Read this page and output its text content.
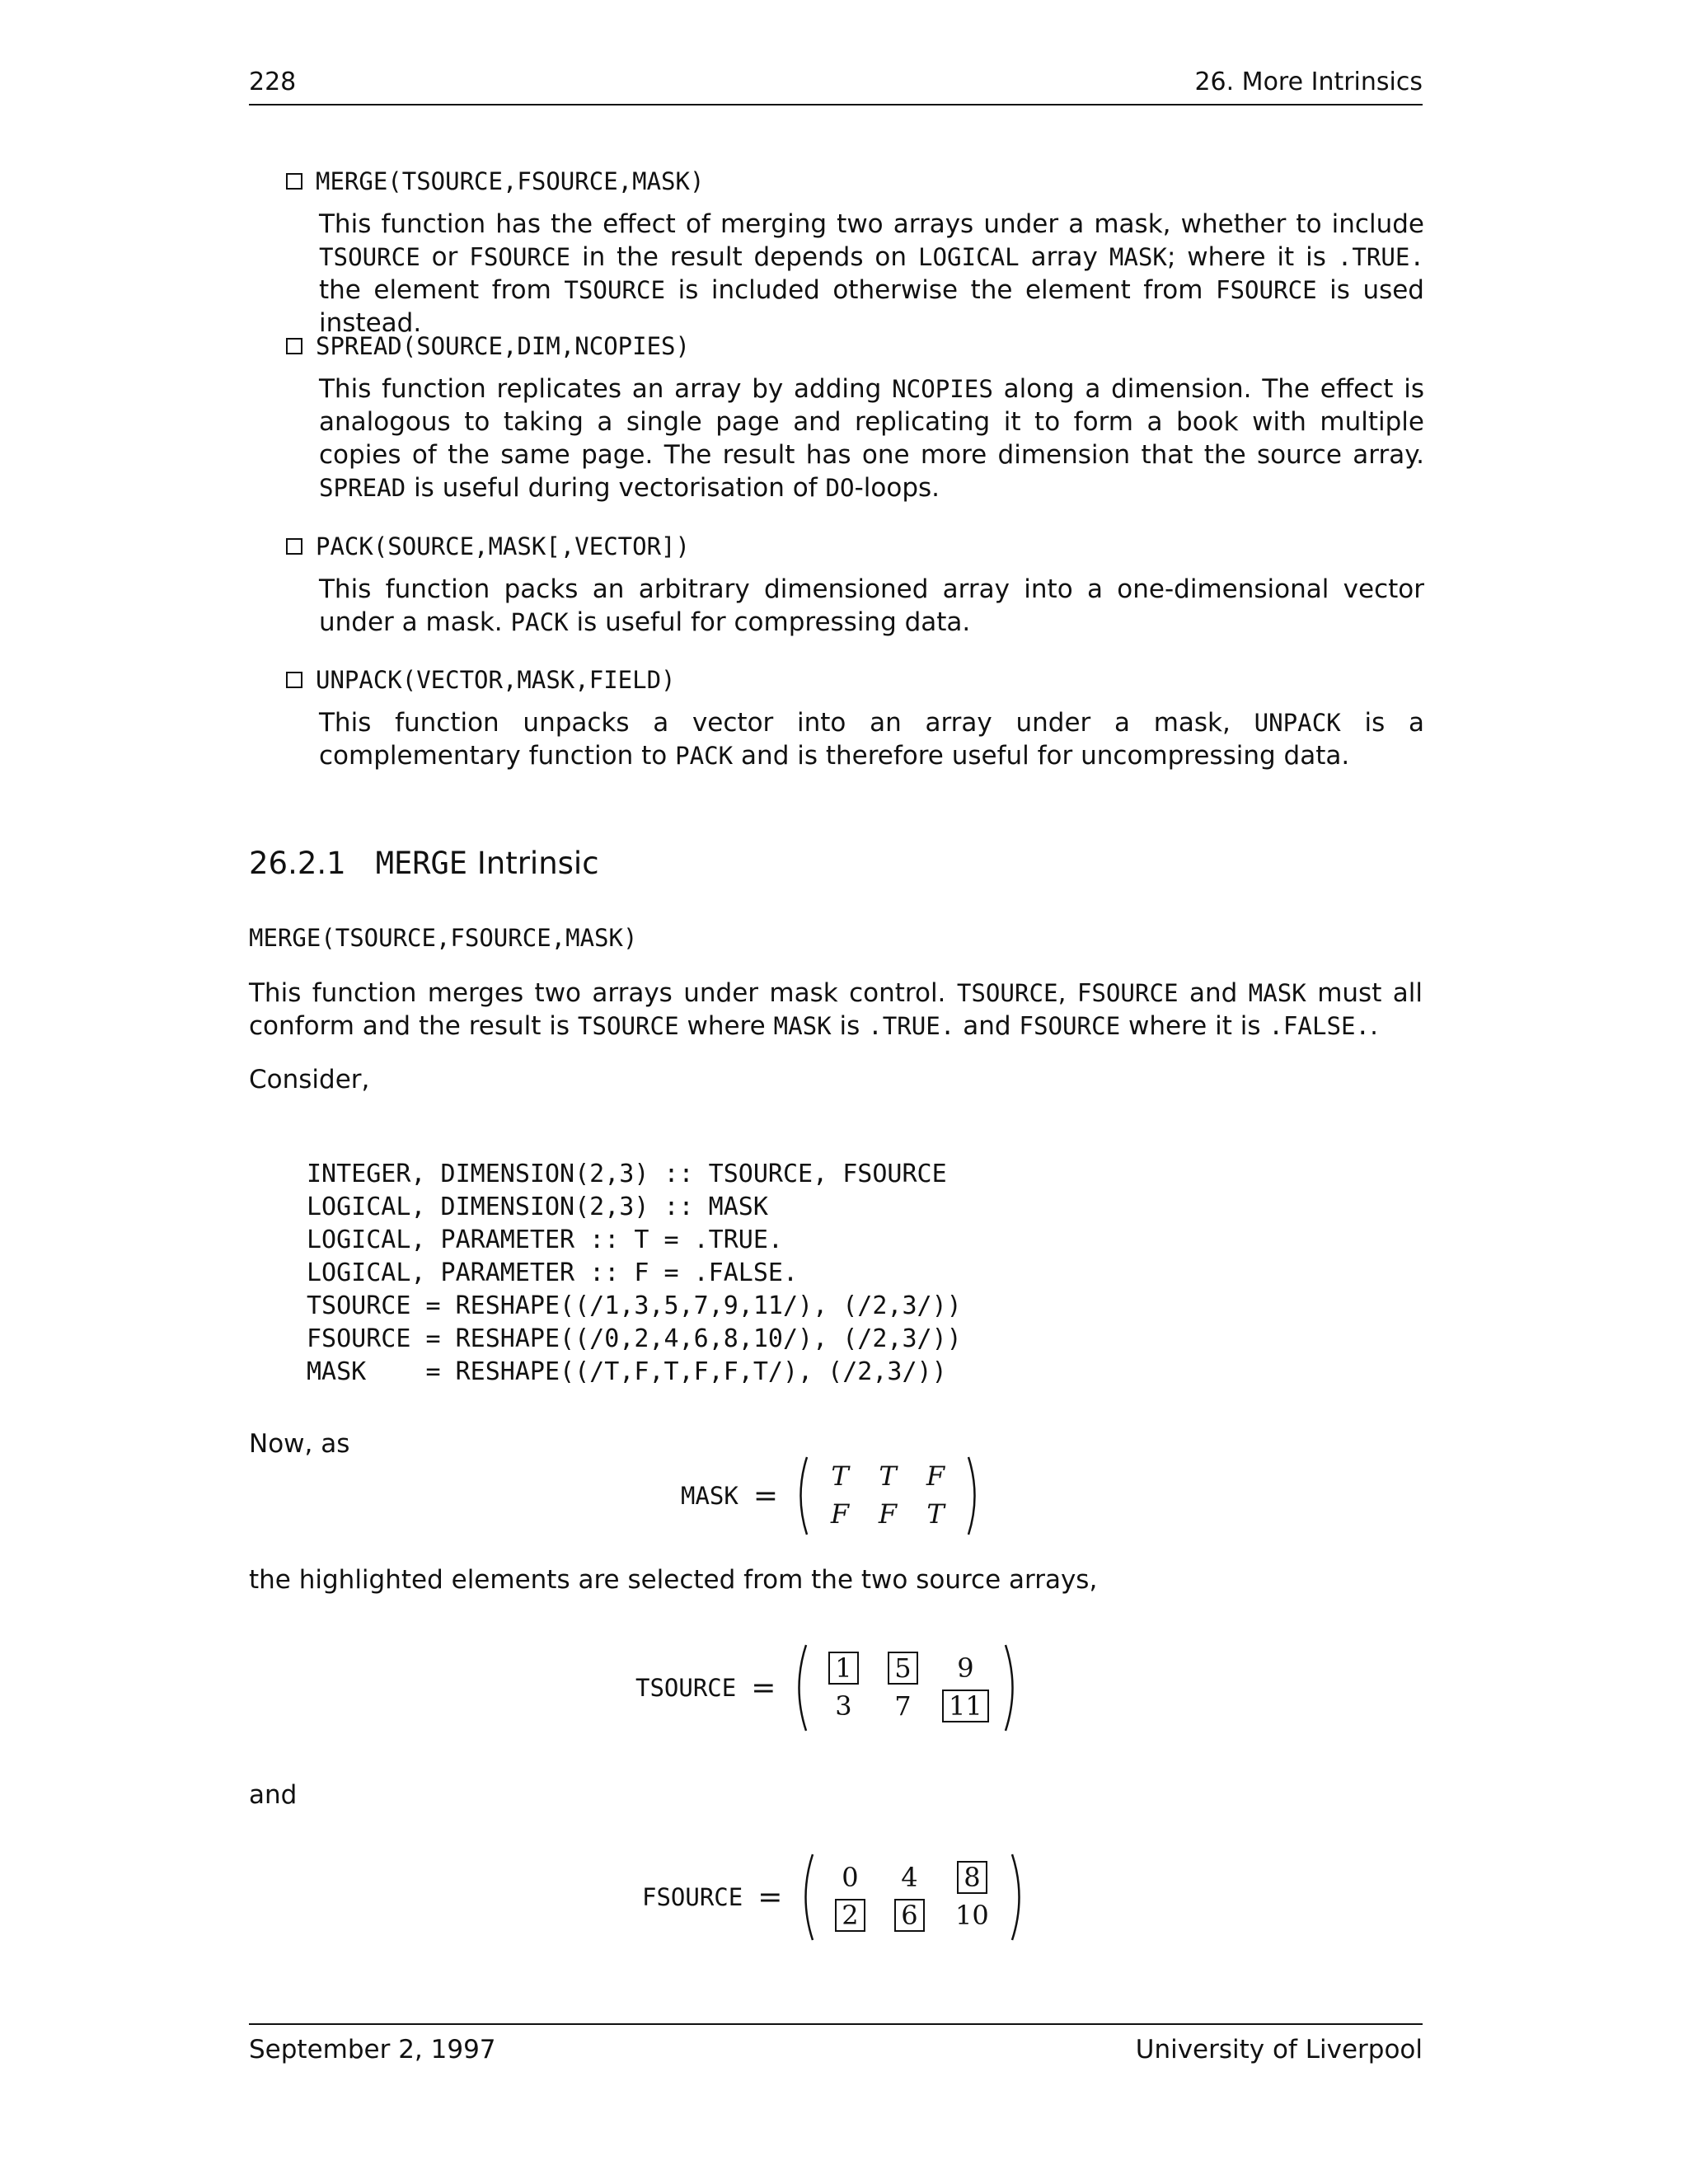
228	26. More Intrinsics
MERGE(TSOURCE,FSOURCE,MASK)
This function has the effect of merging two arrays under a mask, whether to include TSOURCE or FSOURCE in the result depends on LOGICAL array MASK; where it is .TRUE. the element from TSOURCE is included otherwise the element from FSOURCE is used instead.
SPREAD(SOURCE,DIM,NCOPIES)
This function replicates an array by adding NCOPIES along a dimension. The effect is analogous to taking a single page and replicating it to form a book with multiple copies of the same page. The result has one more dimension that the source array. SPREAD is useful during vectorisation of DO-loops.
PACK(SOURCE,MASK[,VECTOR])
This function packs an arbitrary dimensioned array into a one-dimensional vector under a mask. PACK is useful for compressing data.
UNPACK(VECTOR,MASK,FIELD)
This function unpacks a vector into an array under a mask, UNPACK is a complementary function to PACK and is therefore useful for uncompressing data.
26.2.1 MERGE Intrinsic
MERGE(TSOURCE,FSOURCE,MASK)
This function merges two arrays under mask control. TSOURCE, FSOURCE and MASK must all conform and the result is TSOURCE where MASK is .TRUE. and FSOURCE where it is .FALSE..
Consider,
INTEGER, DIMENSION(2,3) :: TSOURCE, FSOURCE
LOGICAL, DIMENSION(2,3) :: MASK
LOGICAL, PARAMETER :: T = .TRUE.
LOGICAL, PARAMETER :: F = .FALSE.
TSOURCE = RESHAPE((/1,3,5,7,9,11/), (/2,3/))
FSOURCE = RESHAPE((/0,2,4,6,8,10/), (/2,3/))
MASK    = RESHAPE((/T,F,T,F,F,T/), (/2,3/))
Now, as
MASK =
T	T	F
F	F	T
the highlighted elements are selected from the two source arrays,
TSOURCE =
1	5	9
3	7	11
and
FSOURCE =
0	4	8
2	6	10
September 2, 1997	University of Liverpool
